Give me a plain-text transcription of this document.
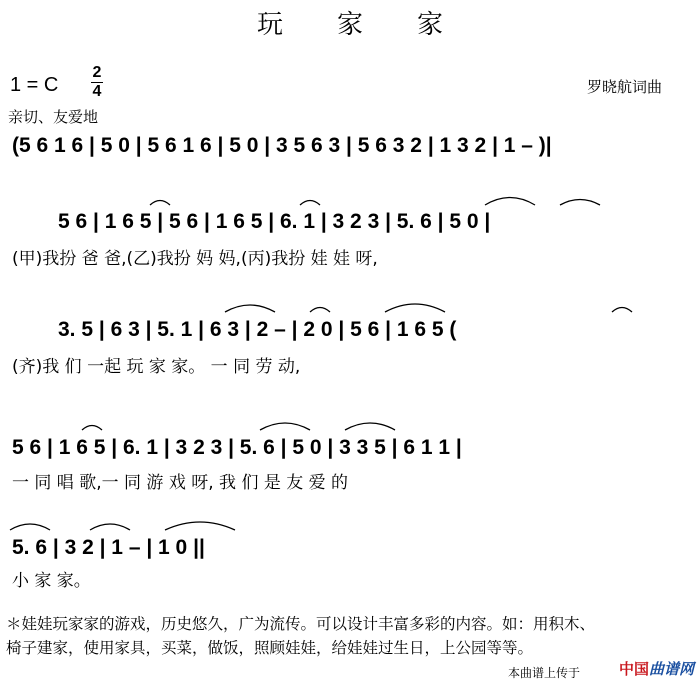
玩家家
1 = C
2
4	罗晓航词曲
亲切、友爱地
(5 6 1 6 | 5 0 | 5 6 1 6 | 5 0 | 3 5 6 3 | 5 6 3 2 | 1 3 2 | 1 – )|
5 6 | 1 6 5 | 5 6 | 1 6 5 | 6. 1 | 3 2 3 | 5. 6 | 5 0 |
(甲)我扮 爸 爸,(乙)我扮 妈 妈,(丙)我扮 娃 娃 呀,
3. 5 | 6 3 | 5. 1 | 6 3 | 2 – | 2 0 | 5 6 | 1 6 5 (
(齐)我 们 一起 玩 家 家。 一 同 劳 动,
5 6 | 1 6 5 | 6. 1 | 3 2 3 | 5. 6 | 5 0 | 3 3 5 | 6 1 1 |
一 同 唱 歌,一 同 游 戏 呀, 我 们 是 友 爱 的
5. 6 | 3 2 | 1 – | 1 0 ||
小 家 家。
＊娃娃玩家家的游戏，历史悠久，广为流传。可以设计丰富多彩的内容。如：用积木、
椅子建家，使用家具，买菜，做饭，照顾娃娃，给娃娃过生日，上公园等等。
本曲谱上传于	中国曲谱网
